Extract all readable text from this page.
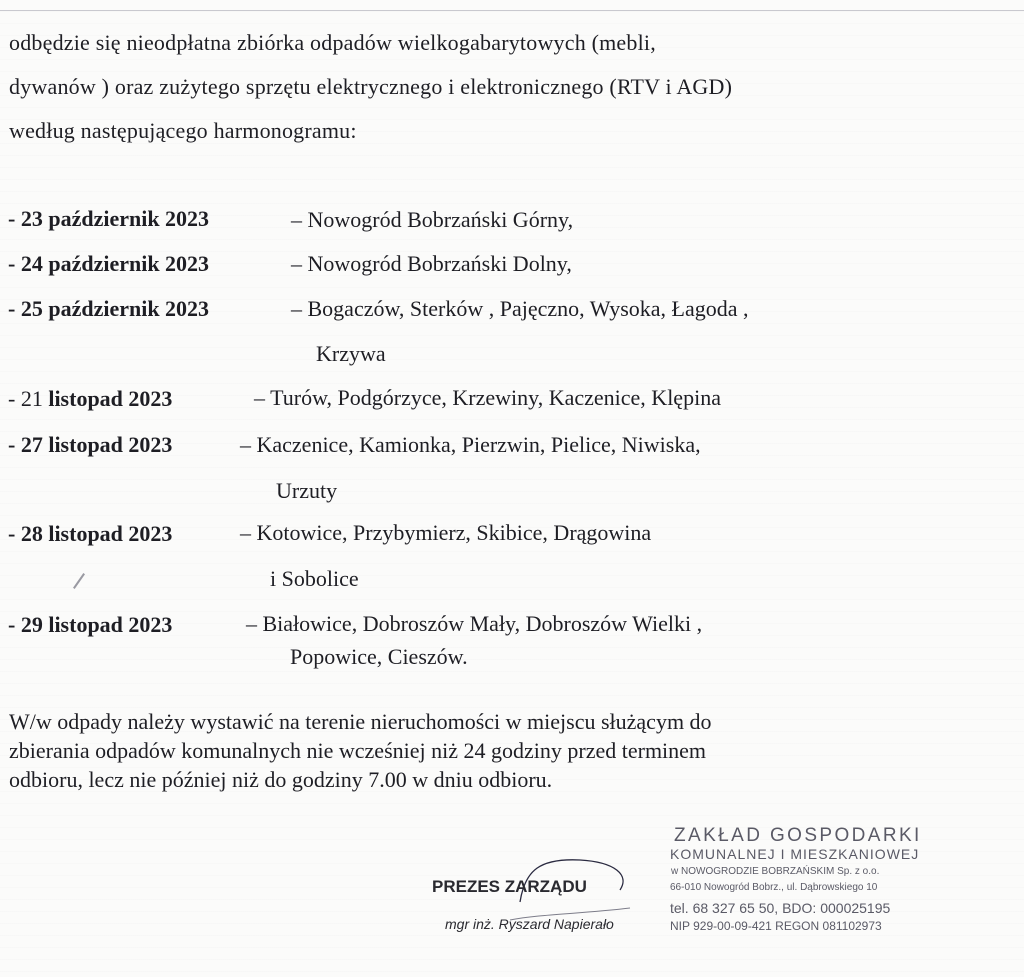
odbędzie się nieodpłatna zbiórka odpadów wielkogabarytowych (mebli,
dywanów ) oraz zużytego sprzętu elektrycznego i elektronicznego (RTV i AGD)
według następującego harmonogramu:
- 23 październik 2023	– Nowogród Bobrzański Górny,
- 24 październik 2023	– Nowogród Bobrzański Dolny,
- 25 październik 2023	– Bogaczów, Sterków , Pajęczno, Wysoka, Łagoda ,
Krzywa
- 21 listopad 2023	– Turów, Podgórzyce, Krzewiny, Kaczenice, Klępina
- 27 listopad 2023	– Kaczenice, Kamionka, Pierzwin, Pielice, Niwiska,
Urzuty
- 28 listopad 2023	– Kotowice, Przybymierz, Skibice, Drągowina
i Sobolice
- 29 listopad 2023	– Białowice, Dobroszów Mały, Dobroszów Wielki ,
Popowice, Cieszów.
W/w odpady należy wystawić na terenie nieruchomości w miejscu służącym do
zbierania odpadów komunalnych nie wcześniej niż 24 godziny przed terminem
odbioru, lecz nie później niż do godziny 7.00 w dniu odbioru.
PREZES ZARZĄDU
mgr inż. Ryszard Napierało
ZAKŁAD GOSPODARKI
KOMUNALNEJ I MIESZKANIOWEJ
w NOWOGRODZIE BOBRZAŃSKIM Sp. z o.o.
66-010 Nowogród Bobrz., ul. Dąbrowskiego 10
tel. 68 327 65 50, BDO: 000025195
NIP 929-00-09-421 REGON 081102973
